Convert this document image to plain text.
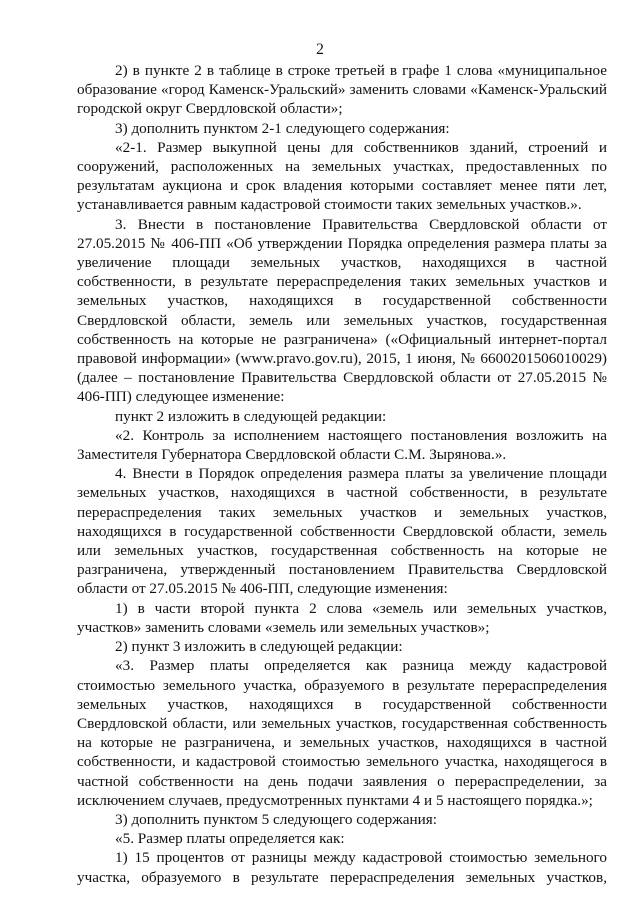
2

2) в пункте 2 в таблице в строке третьей в графе 1 слова «муниципальное образование «город Каменск-Уральский» заменить словами «Каменск-Уральский городской округ Свердловской области»;

3) дополнить пунктом 2-1 следующего содержания:

«2-1. Размер выкупной цены для собственников зданий, строений и сооружений, расположенных на земельных участках, предоставленных по результатам аукциона и срок владения которыми составляет менее пяти лет, устанавливается равным кадастровой стоимости таких земельных участков.».

3. Внести в постановление Правительства Свердловской области от 27.05.2015 № 406-ПП «Об утверждении Порядка определения размера платы за увеличение площади земельных участков, находящихся в частной собственности, в результате перераспределения таких земельных участков и земельных участков, находящихся в государственной собственности Свердловской области, земель или земельных участков, государственная собственность на которые не разграничена» («Официальный интернет-портал правовой информации» (www.pravo.gov.ru), 2015, 1 июня, № 6600201506010029) (далее – постановление Правительства Свердловской области от 27.05.2015 № 406-ПП) следующее изменение:

пункт 2 изложить в следующей редакции:

«2. Контроль за исполнением настоящего постановления возложить на Заместителя Губернатора Свердловской области С.М. Зырянова.».

4. Внести в Порядок определения размера платы за увеличение площади земельных участков, находящихся в частной собственности, в результате перераспределения таких земельных участков и земельных участков, находящихся в государственной собственности Свердловской области, земель или земельных участков, государственная собственность на которые не разграничена, утвержденный постановлением Правительства Свердловской области от 27.05.2015 № 406-ПП, следующие изменения:

1) в части второй пункта 2 слова «земель или земельных участков, участков» заменить словами «земель или земельных участков»;

2) пункт 3 изложить в следующей редакции:

«3. Размер платы определяется как разница между кадастровой стоимостью земельного участка, образуемого в результате перераспределения земельных участков, находящихся в государственной собственности Свердловской области, или земельных участков, государственная собственность на которые не разграничена, и земельных участков, находящихся в частной собственности, и кадастровой стоимостью земельного участка, находящегося в частной собственности на день подачи заявления о перераспределении, за исключением случаев, предусмотренных пунктами 4 и 5 настоящего порядка.»;

3) дополнить пунктом 5 следующего содержания:

«5. Размер платы определяется как:

1) 15 процентов от разницы между кадастровой стоимостью земельного участка, образуемого в результате перераспределения земельных участков,
